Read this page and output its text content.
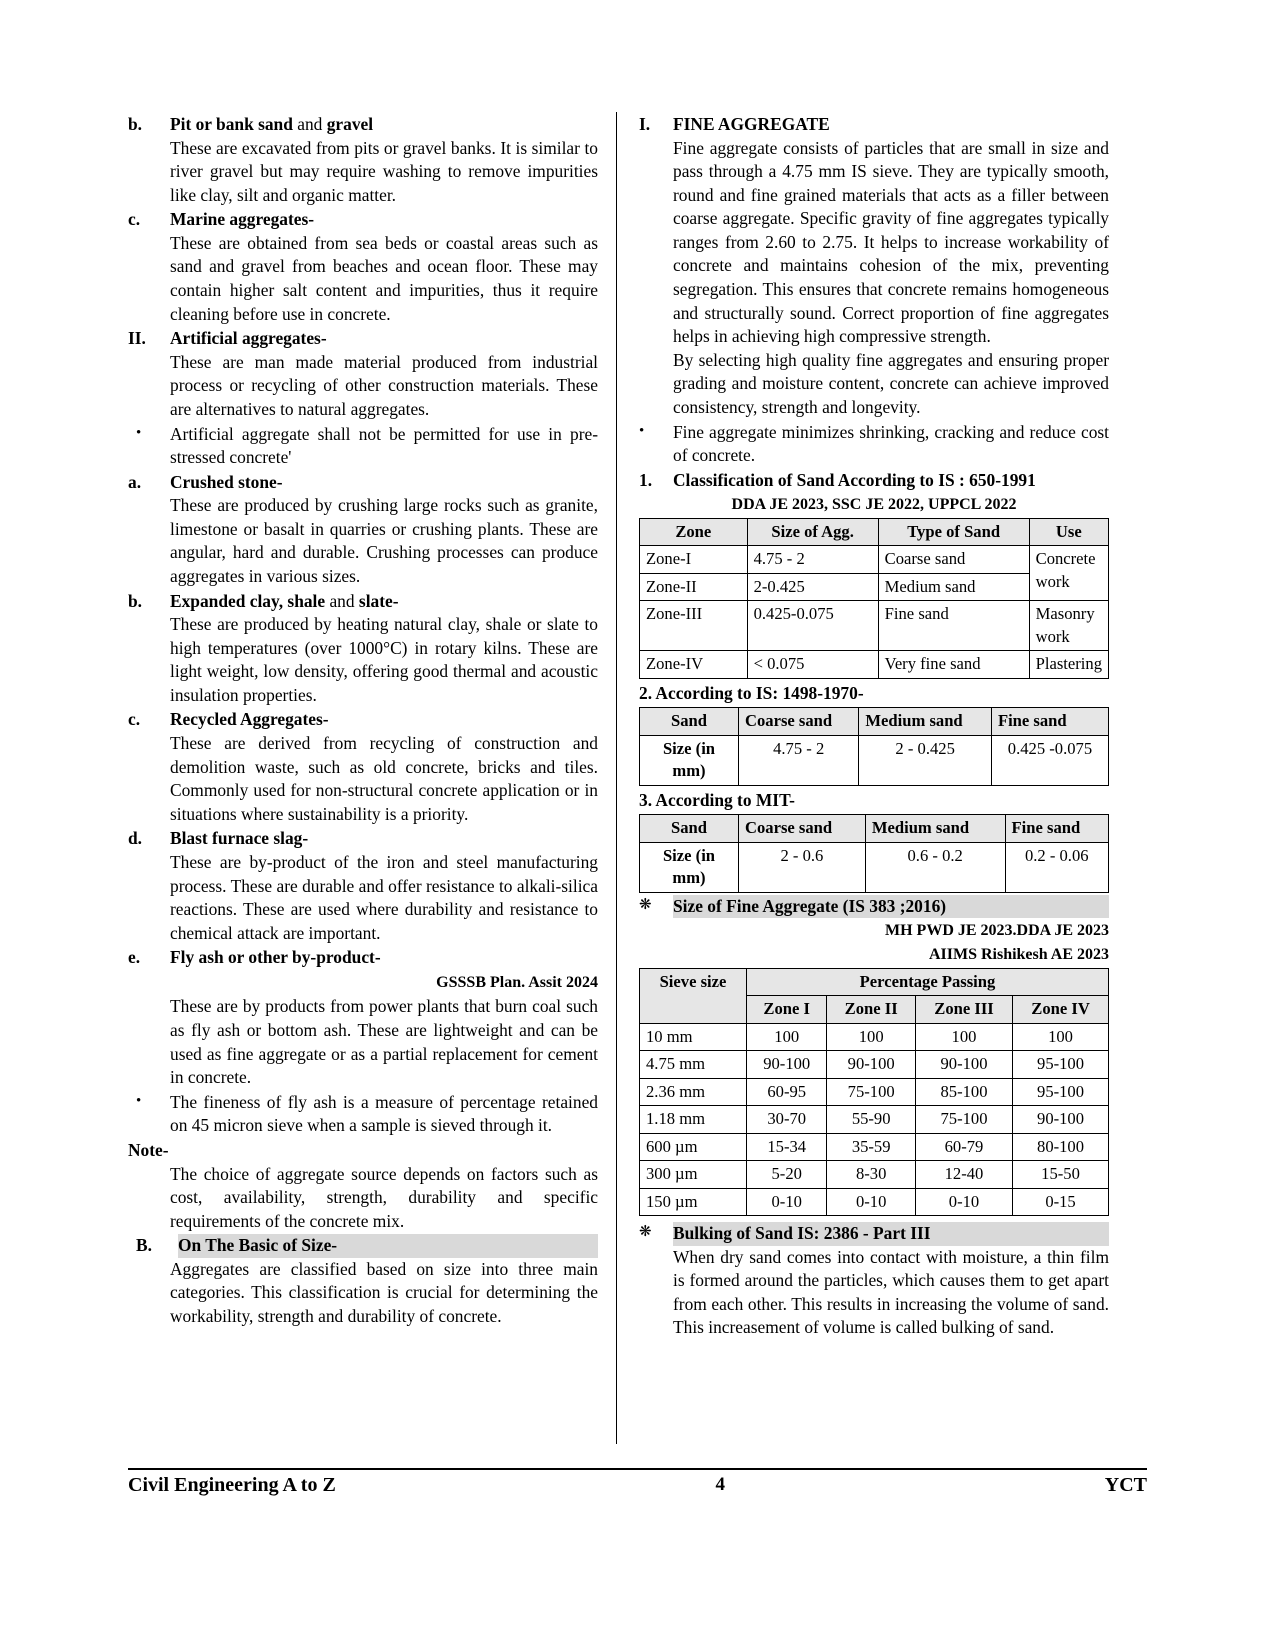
b.	Pit or bank sand and gravel
These are excavated from pits or gravel banks. It is similar to river gravel but may require washing to remove impurities like clay, silt and organic matter.
c.	Marine aggregates-
These are obtained from sea beds or coastal areas such as sand and gravel from beaches and ocean floor. These may contain higher salt content and impurities, thus it require cleaning before use in concrete.
II.	Artificial aggregates-
These are man made material produced from industrial process or recycling of other construction materials. These are alternatives to natural aggregates.
•	Artificial aggregate shall not be permitted for use in pre-stressed concrete'
a.	Crushed stone-
These are produced by crushing large rocks such as granite, limestone or basalt in quarries or crushing plants. These are angular, hard and durable. Crushing processes can produce aggregates in various sizes.
b.	Expanded clay, shale and slate-
These are produced by heating natural clay, shale or slate to high temperatures (over 1000°C) in rotary kilns. These are light weight, low density, offering good thermal and acoustic insulation properties.
c.	Recycled Aggregates-
These are derived from recycling of construction and demolition waste, such as old concrete, bricks and tiles. Commonly used for non-structural concrete application or in situations where sustainability is a priority.
d.	Blast furnace slag-
These are by-product of the iron and steel manufacturing process. These are durable and offer resistance to alkali-silica reactions. These are used where durability and resistance to chemical attack are important.
e.	Fly ash or other by-product-
GSSSB Plan. Assit 2024
These are by products from power plants that burn coal such as fly ash or bottom ash. These are lightweight and can be used as fine aggregate or as a partial replacement for cement in concrete.
•	The fineness of fly ash is a measure of percentage retained on 45 micron sieve when a sample is sieved through it.
Note-
The choice of aggregate source depends on factors such as cost, availability, strength, durability and specific requirements of the concrete mix.
B.	On The Basic of Size-
Aggregates are classified based on size into three main categories. This classification is crucial for determining the workability, strength and durability of concrete.
I.	FINE AGGREGATE
Fine aggregate consists of particles that are small in size and pass through a 4.75 mm IS sieve. They are typically smooth, round and fine grained materials that acts as a filler between coarse aggregate. Specific gravity of fine aggregates typically ranges from 2.60 to 2.75. It helps to increase workability of concrete and maintains cohesion of the mix, preventing segregation. This ensures that concrete remains homogeneous and structurally sound. Correct proportion of fine aggregates helps in achieving high compressive strength.
By selecting high quality fine aggregates and ensuring proper grading and moisture content, concrete can achieve improved consistency, strength and longevity.
•	Fine aggregate minimizes shrinking, cracking and reduce cost of concrete.
1.	Classification of Sand According to IS : 650-1991
DDA JE 2023, SSC JE 2022, UPPCL 2022
Zone	Size of Agg.	Type of Sand	Use
Zone-I	4.75 - 2	Coarse sand	Concrete work
Zone-II	2-0.425	Medium sand	
Zone-III	0.425-0.075	Fine sand	Masonry work
Zone-IV	< 0.075	Very fine sand	Plastering
2. According to IS: 1498-1970-
Sand	Coarse sand	Medium sand	Fine sand
Size (in mm)	4.75 - 2	2 - 0.425	0.425 -0.075
3. According to MIT-
Sand	Coarse sand	Medium sand	Fine sand
Size (in mm)	2 - 0.6	0.6 - 0.2	0.2 - 0.06
❋	Size of Fine Aggregate (IS 383 ;2016)
MH PWD JE 2023.DDA JE 2023
AIIMS Rishikesh AE 2023
Sieve size	Percentage Passing			
	Zone I	Zone II	Zone III	Zone IV
10 mm	100	100	100	100
4.75 mm	90-100	90-100	90-100	95-100
2.36 mm	60-95	75-100	85-100	95-100
1.18 mm	30-70	55-90	75-100	90-100
600 µm	15-34	35-59	60-79	80-100
300 µm	5-20	8-30	12-40	15-50
150 µm	0-10	0-10	0-10	0-15
❋	Bulking of Sand IS: 2386 - Part III
When dry sand comes into contact with moisture, a thin film is formed around the particles, which causes them to get apart from each other. This results in increasing the volume of sand. This increasement of volume is called bulking of sand.
Civil Engineering A to Z	4	YCT
